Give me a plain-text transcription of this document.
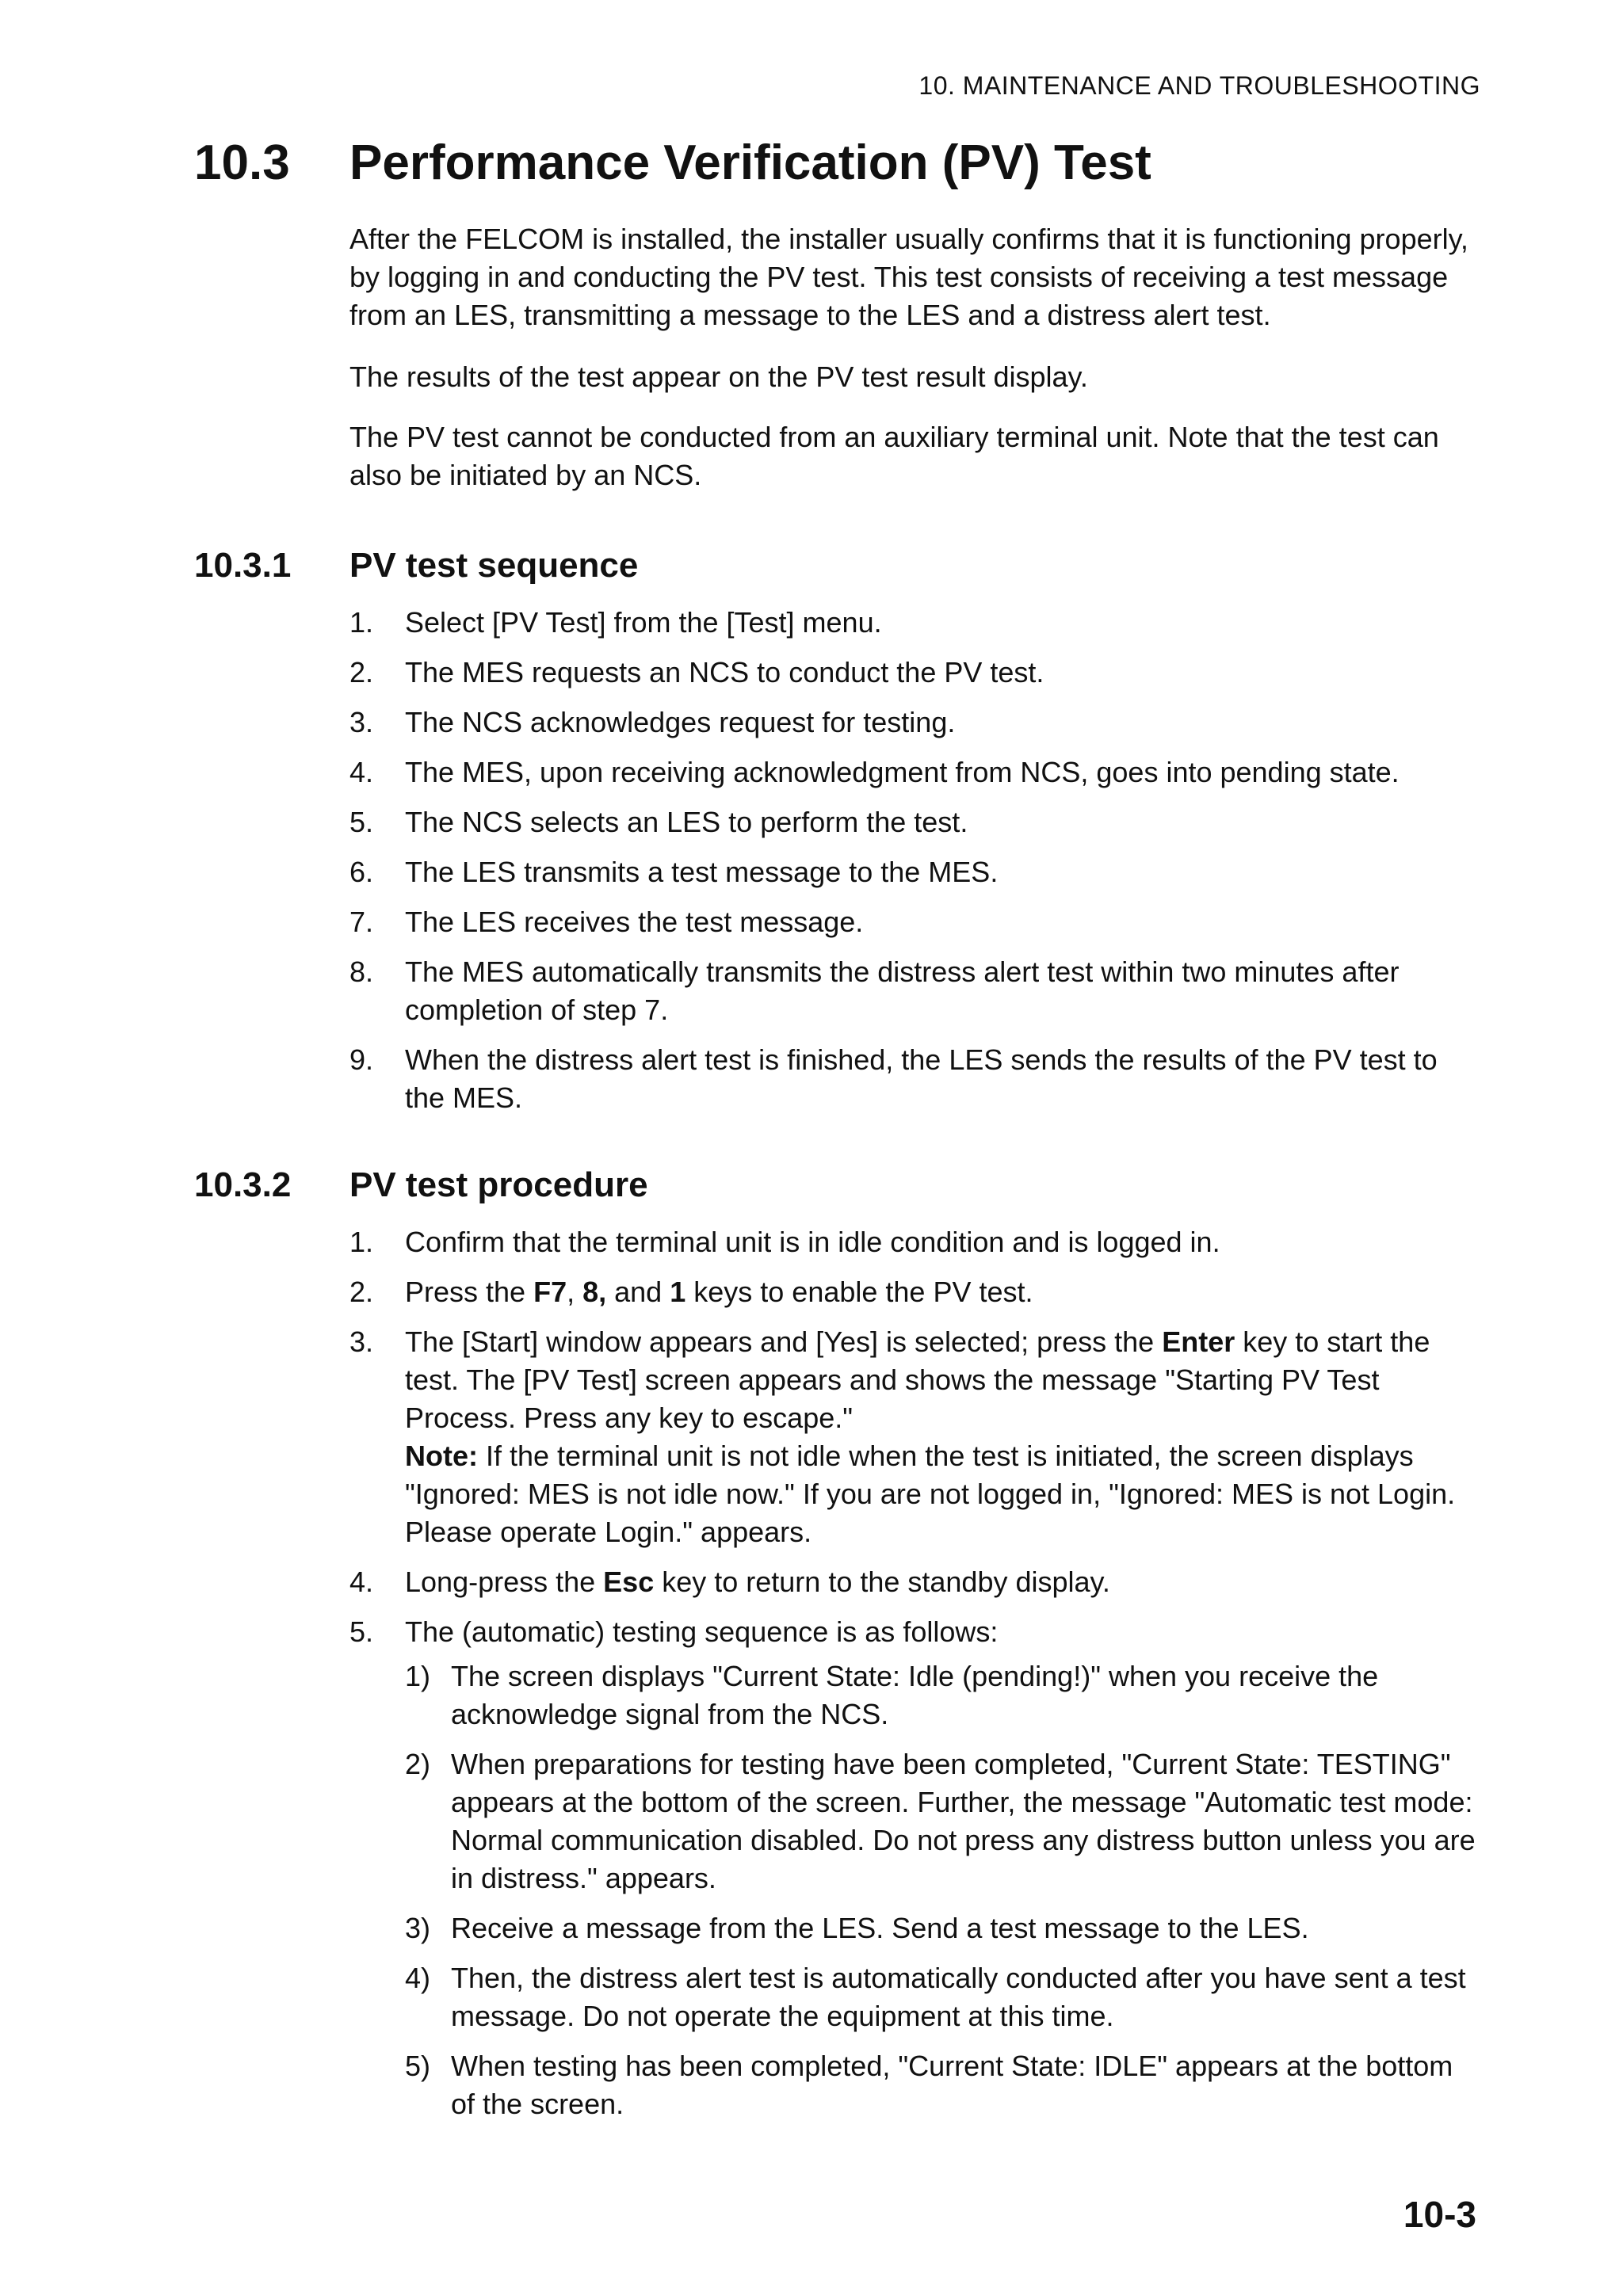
10. MAINTENANCE AND TROUBLESHOOTING
10.3 Performance Verification (PV) Test

After the FELCOM is installed, the installer usually confirms that it is functioning properly, by logging in and conducting the PV test. This test consists of receiving a test message from an LES, transmitting a message to the LES and a distress alert test.

The results of the test appear on the PV test result display.

The PV test cannot be conducted from an auxiliary terminal unit. Note that the test can also be initiated by an NCS.

10.3.1 PV test sequence
1. Select [PV Test] from the [Test] menu.
2. The MES requests an NCS to conduct the PV test.
3. The NCS acknowledges request for testing.
4. The MES, upon receiving acknowledgment from NCS, goes into pending state.
5. The NCS selects an LES to perform the test.
6. The LES transmits a test message to the MES.
7. The LES receives the test message.
8. The MES automatically transmits the distress alert test within two minutes after completion of step 7.
9. When the distress alert test is finished, the LES sends the results of the PV test to the MES.
10.3.2 PV test procedure
1. Confirm that the terminal unit is in idle condition and is logged in.
2. Press the F7, 8, and 1 keys to enable the PV test.
3. The [Start] window appears and [Yes] is selected; press the Enter key to start the test. The [PV Test] screen appears and shows the message "Starting PV Test Process. Press any key to escape."
Note: If the terminal unit is not idle when the test is initiated, the screen displays "Ignored: MES is not idle now." If you are not logged in, "Ignored: MES is not Login. Please operate Login." appears.
4. Long-press the Esc key to return to the standby display.
5. The (automatic) testing sequence is as follows:
1) The screen displays "Current State: Idle (pending!)" when you receive the acknowledge signal from the NCS.
2) When preparations for testing have been completed, "Current State: TESTING" appears at the bottom of the screen. Further, the message "Automatic test mode: Normal communication disabled. Do not press any distress button unless you are in distress." appears.
3) Receive a message from the LES. Send a test message to the LES.
4) Then, the distress alert test is automatically conducted after you have sent a test message. Do not operate the equipment at this time.
5) When testing has been completed, "Current State: IDLE" appears at the bottom of the screen.
10-3
